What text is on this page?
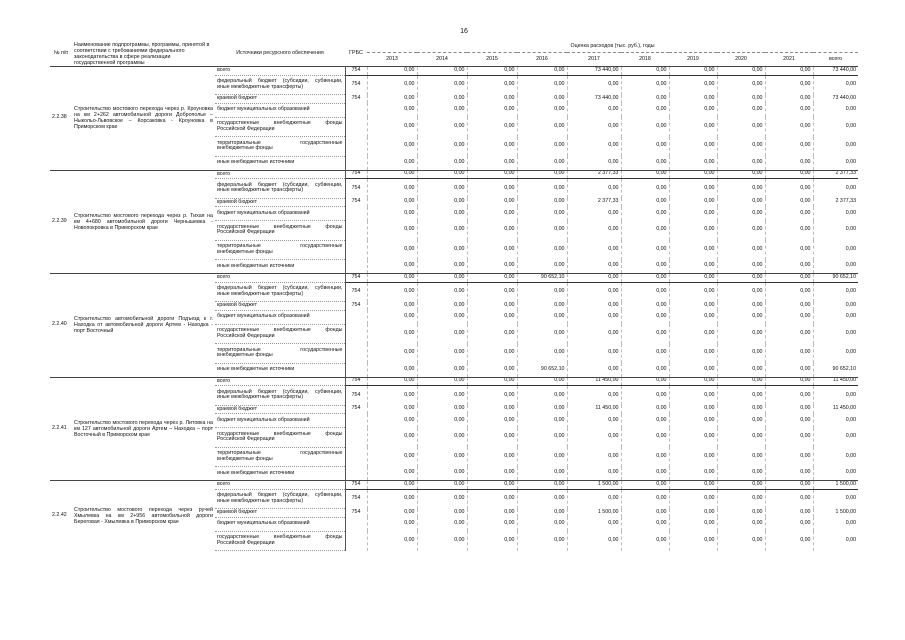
16
№ п/п	Наименование подпрограммы, программы, принятой в соответствии с требованиями федерального законодательства в сфере реализации государственной программы	Источники ресурсного обеспечения	ГРБС	Оценка расходов (тыс. руб.), годы									
				2013	2014	2015	2016	2017	2018	2019	2020	2021	всего
2.2.38	Строительство мостового перехода через р. Кроуновка на км 2+262 автомобильной дороги Доброполье – Ныкольо-Львовское – Корсаковка - Кроуновка в Приморском крае	всего	754	0,00	0,00	0,00	0,00	73 440,00	0,00	0,00	0,00	0,00	73 440,00
		федеральный бюджет (субсидии, субвенции, иные межбюджетные трансферты)	754	0,00	0,00	0,00	0,00	0,00	0,00	0,00	0,00	0,00	0,00
		краевой бюджет	754	0,00	0,00	0,00	0,00	73 440,00	0,00	0,00	0,00	0,00	73 440,00
		бюджет муниципальных образований		0,00	0,00	0,00	0,00	0,00	0,00	0,00	0,00	0,00	0,00
		государственные внебюджетные фонды Российской Федерации		0,00	0,00	0,00	0,00	0,00	0,00	0,00	0,00	0,00	0,00
		территориальные государственные внебюджетные фонды		0,00	0,00	0,00	0,00	0,00	0,00	0,00	0,00	0,00	0,00
		иные внебюджетные источники		0,00	0,00	0,00	0,00	0,00	0,00	0,00	0,00	0,00	0,00
2.2.39	Строительство мостового перехода через р. Тихая на км 4+680 автомобильной дороги Чернышевка - Новопокровка в Приморском крае	всего	754	0,00	0,00	0,00	0,00	2 377,33	0,00	0,00	0,00	0,00	2 377,33
		федеральный бюджет (субсидии, субвенции, иные межбюджетные трансферты)	754	0,00	0,00	0,00	0,00	0,00	0,00	0,00	0,00	0,00	0,00
		краевой бюджет	754	0,00	0,00	0,00	0,00	2 377,33	0,00	0,00	0,00	0,00	2 377,33
		бюджет муниципальных образований		0,00	0,00	0,00	0,00	0,00	0,00	0,00	0,00	0,00	0,00
		государственные внебюджетные фонды Российской Федерации		0,00	0,00	0,00	0,00	0,00	0,00	0,00	0,00	0,00	0,00
		территориальные государственные внебюджетные фонды		0,00	0,00	0,00	0,00	0,00	0,00	0,00	0,00	0,00	0,00
		иные внебюджетные источники		0,00	0,00	0,00	0,00	0,00	0,00	0,00	0,00	0,00	0,00
2.2.40	Строительство автомобильной дороги Подъезд к г. Находка от автомобильной дороги Артем - Находка - порт Восточный	всего	754	0,00	0,00	0,00	90 652,10	0,00	0,00	0,00	0,00	0,00	90 652,10
		федеральный бюджет (субсидии, субвенции, иные межбюджетные трансферты)	754	0,00	0,00	0,00	0,00	0,00	0,00	0,00	0,00	0,00	0,00
		краевой бюджет	754	0,00	0,00	0,00	0,00	0,00	0,00	0,00	0,00	0,00	0,00
		бюджет муниципальных образований		0,00	0,00	0,00	0,00	0,00	0,00	0,00	0,00	0,00	0,00
		государственные внебюджетные фонды Российской Федерации		0,00	0,00	0,00	0,00	0,00	0,00	0,00	0,00	0,00	0,00
		территориальные государственные внебюджетные фонды		0,00	0,00	0,00	0,00	0,00	0,00	0,00	0,00	0,00	0,00
		иные внебюджетные источники		0,00	0,00	0,00	90 652,10	0,00	0,00	0,00	0,00	0,00	90 652,10
2.2.41	Строительство мостового перехода через р. Литовка на км 127 автомобильной дороги Артем – Находка – порт Восточный в Приморском крае	всего	754	0,00	0,00	0,00	0,00	11 450,00	0,00	0,00	0,00	0,00	11 450,00
		федеральный бюджет (субсидии, субвенции, иные межбюджетные трансферты)	754	0,00	0,00	0,00	0,00	0,00	0,00	0,00	0,00	0,00	0,00
		краевой бюджет	754	0,00	0,00	0,00	0,00	11 450,00	0,00	0,00	0,00	0,00	11 450,00
		бюджет муниципальных образований		0,00	0,00	0,00	0,00	0,00	0,00	0,00	0,00	0,00	0,00
		государственные внебюджетные фонды Российской Федерации		0,00	0,00	0,00	0,00	0,00	0,00	0,00	0,00	0,00	0,00
		территориальные государственные внебюджетные фонды		0,00	0,00	0,00	0,00	0,00	0,00	0,00	0,00	0,00	0,00
		иные внебюджетные источники		0,00	0,00	0,00	0,00	0,00	0,00	0,00	0,00	0,00	0,00
2.2.42	Строительство мостового перехода через ручей Хмылевка на км 2+956 автомобильной дороги Береговая - Хмылевка в Приморском крае	всего	754	0,00	0,00	0,00	0,00	1 500,00	0,00	0,00	0,00	0,00	1 500,00
		федеральный бюджет (субсидии, субвенции, иные межбюджетные трансферты)	754	0,00	0,00	0,00	0,00	0,00	0,00	0,00	0,00	0,00	0,00
		краевой бюджет	754	0,00	0,00	0,00	0,00	1 500,00	0,00	0,00	0,00	0,00	1 500,00
		бюджет муниципальных образований		0,00	0,00	0,00	0,00	0,00	0,00	0,00	0,00	0,00	0,00
		государственные внебюджетные фонды Российской Федерации		0,00	0,00	0,00	0,00	0,00	0,00	0,00	0,00	0,00	0,00
